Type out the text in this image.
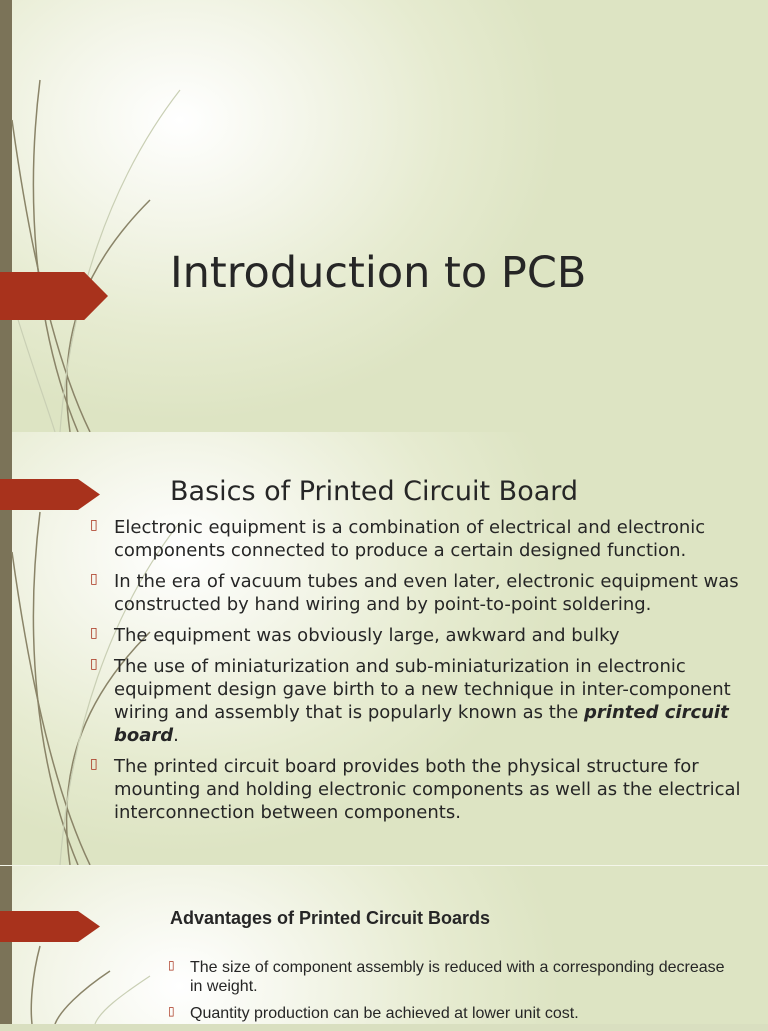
Introduction to PCB
Basics of Printed Circuit Board
▯ Electronic equipment is a combination of electrical and electronic components connected to produce a certain designed function.
▯ In the era of vacuum tubes and even later, electronic equipment was constructed by hand wiring and by point-to-point soldering.
▯ The equipment was obviously large, awkward and bulky
▯ The use of miniaturization and sub-miniaturization in electronic equipment design gave birth to a new technique in inter-component wiring and assembly that is popularly known as the printed circuit board.
▯ The printed circuit board provides both the physical structure for mounting and holding electronic components as well as the electrical interconnection between components.
Advantages of Printed Circuit Boards
▯ The size of component assembly is reduced with a corresponding decrease in weight.
▯ Quantity production can be achieved at lower unit cost.
